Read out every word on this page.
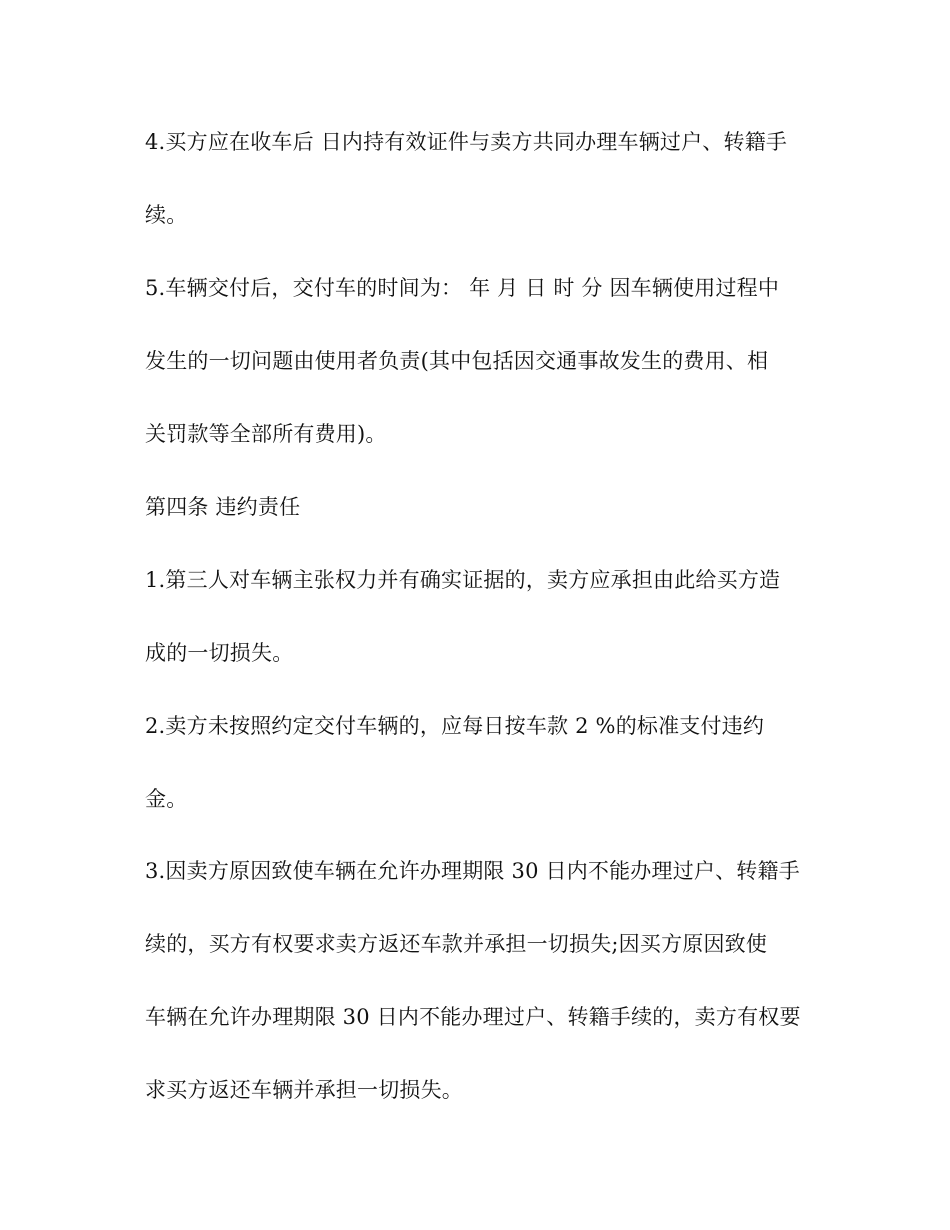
4.买方应在收车后 日内持有效证件与卖方共同办理车辆过户、转籍手
续。
5.车辆交付后，交付车的时间为： 年 月 日 时 分 因车辆使用过程中
发生的一切问题由使用者负责(其中包括因交通事故发生的费用、相
关罚款等全部所有费用)。
第四条 违约责任
1.第三人对车辆主张权力并有确实证据的，卖方应承担由此给买方造
成的一切损失。
2.卖方未按照约定交付车辆的，应每日按车款 2 %的标准支付违约
金。
3.因卖方原因致使车辆在允许办理期限 30 日内不能办理过户、转籍手
续的，买方有权要求卖方返还车款并承担一切损失;因买方原因致使
车辆在允许办理期限 30 日内不能办理过户、转籍手续的，卖方有权要
求买方返还车辆并承担一切损失。
